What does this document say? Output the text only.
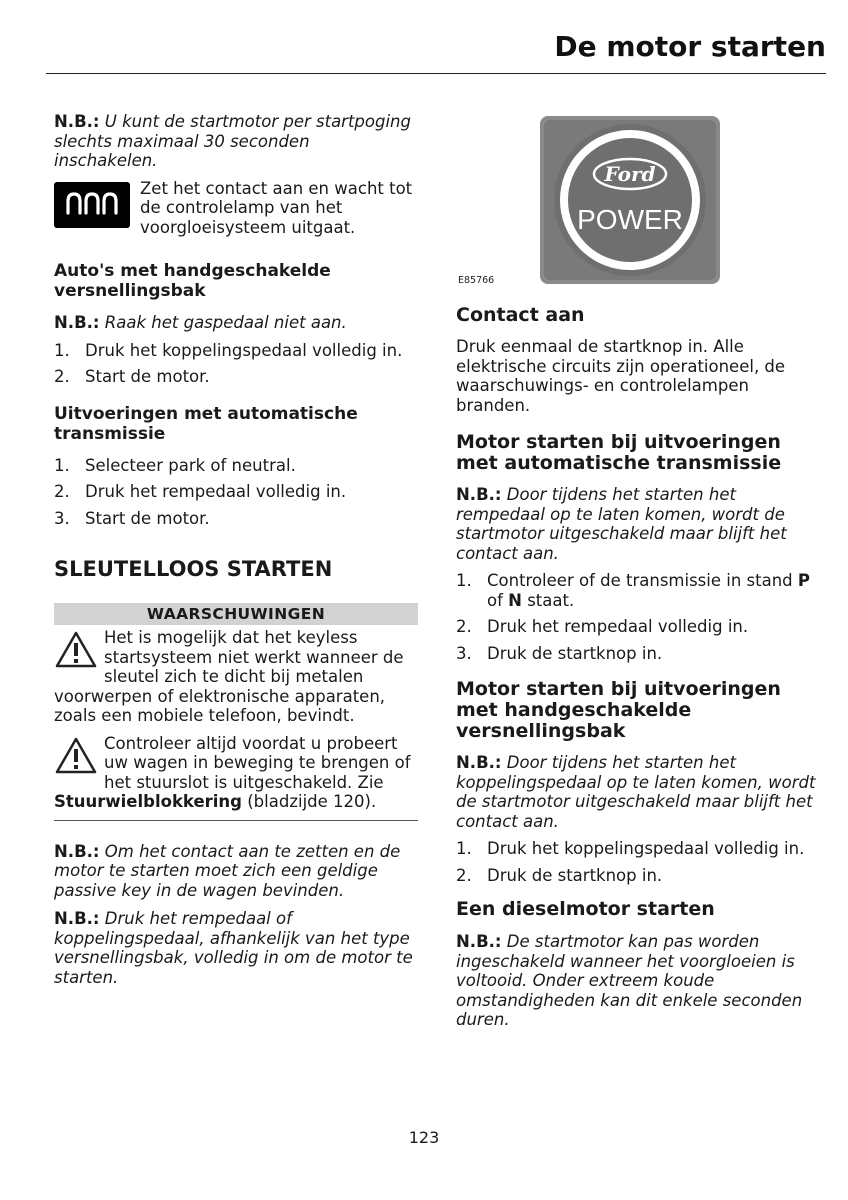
De motor starten

N.B.: U kunt de startmotor per startpoging slechts maximaal 30 seconden inschakelen.

Zet het contact aan en wacht tot de controlelamp van het voorgloeisysteem uitgaat.

Auto's met handgeschakelde versnellingsbak

N.B.: Raak het gaspedaal niet aan.

1. Druk het koppelingspedaal volledig in.
2. Start de motor.

Uitvoeringen met automatische transmissie

1. Selecteer park of neutral.
2. Druk het rempedaal volledig in.
3. Start de motor.

SLEUTELLOOS STARTEN

WAARSCHUWINGEN

Het is mogelijk dat het keyless startsysteem niet werkt wanneer de sleutel zich te dicht bij metalen voorwerpen of elektronische apparaten, zoals een mobiele telefoon, bevindt.

Controleer altijd voordat u probeert uw wagen in beweging te brengen of het stuurslot is uitgeschakeld. Zie Stuurwielblokkering (bladzijde 120).

N.B.: Om het contact aan te zetten en de motor te starten moet zich een geldige passive key in de wagen bevinden.

N.B.: Druk het rempedaal of koppelingspedaal, afhankelijk van het type versnellingsbak, volledig in om de motor te starten.

Ford
POWER
E85766

Contact aan

Druk eenmaal de startknop in. Alle elektrische circuits zijn operationeel, de waarschuwings- en controlelampen branden.

Motor starten bij uitvoeringen met automatische transmissie

N.B.: Door tijdens het starten het rempedaal op te laten komen, wordt de startmotor uitgeschakeld maar blijft het contact aan.

1. Controleer of de transmissie in stand P of N staat.
2. Druk het rempedaal volledig in.
3. Druk de startknop in.

Motor starten bij uitvoeringen met handgeschakelde versnellingsbak

N.B.: Door tijdens het starten het koppelingspedaal op te laten komen, wordt de startmotor uitgeschakeld maar blijft het contact aan.

1. Druk het koppelingspedaal volledig in.
2. Druk de startknop in.

Een dieselmotor starten

N.B.: De startmotor kan pas worden ingeschakeld wanneer het voorgloeien is voltooid. Onder extreem koude omstandigheden kan dit enkele seconden duren.

123
